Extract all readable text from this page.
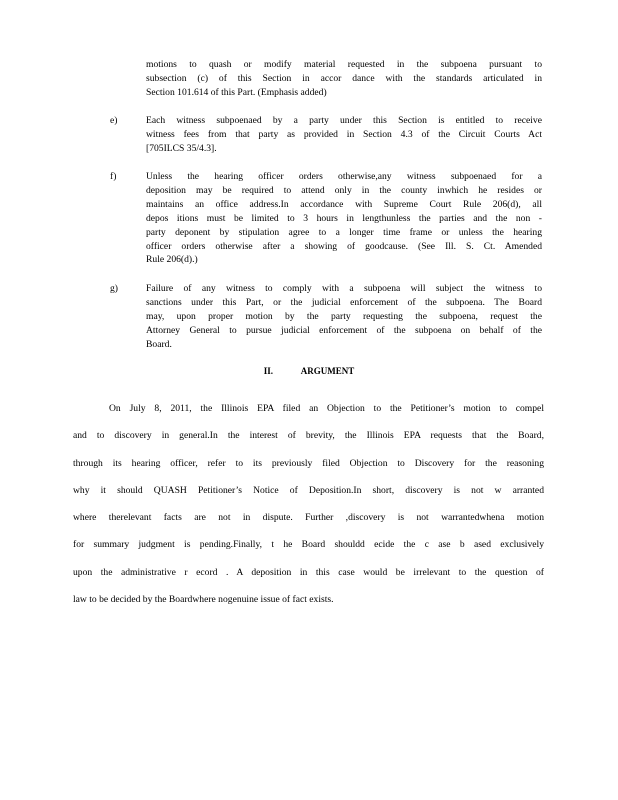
motions to quash or modify material requested in the subpoena pursuant to
subsection (c) of this Section in accor dance with the standards articulated in
Section 101.614 of this Part. (Emphasis added)
e)	Each witness subpoenaed by a party under this Section is entitled to receive
witness fees from that party as provided in Section 4.3 of the Circuit Courts Act
[705ILCS 35/4.3].
f)	Unless the hearing officer orders otherwise,any witness subpoenaed for a
deposition may be required to attend only in the county inwhich he resides or
maintains an office address.In accordance with Supreme Court Rule 206(d), all
depos itions must be limited to 3 hours in lengthunless the parties and the non -
party deponent by stipulation agree to a longer time frame or unless the hearing
officer orders otherwise after a showing of goodcause. (See Ill. S. Ct. Amended
Rule 206(d).)
g)	Failure of any witness to comply with a subpoena will subject the witness to
sanctions under this Part, or the judicial enforcement of the subpoena. The Board
may, upon proper motion by the party requesting the subpoena, request the
Attorney General to pursue judicial enforcement of the subpoena on behalf of the
Board.
II. ARGUMENT
On July 8, 2011, the Illinois EPA filed an Objection to the Petitioner’s motion to compel
and to discovery in general.In the interest of brevity, the Illinois EPA requests that the Board,
through its hearing officer, refer to its previously filed Objection to Discovery for the reasoning
why it should QUASH Petitioner’s Notice of Deposition.In short, discovery is not w arranted
where therelevant facts are not in dispute. Further ,discovery is not warrantedwhena motion
for summary judgment is pending.Finally, t he Board shouldd ecide the c ase b ased exclusively
upon the administrative r ecord . A deposition in this case would be irrelevant to the question of
law to be decided by the Boardwhere nogenuine issue of fact exists.
